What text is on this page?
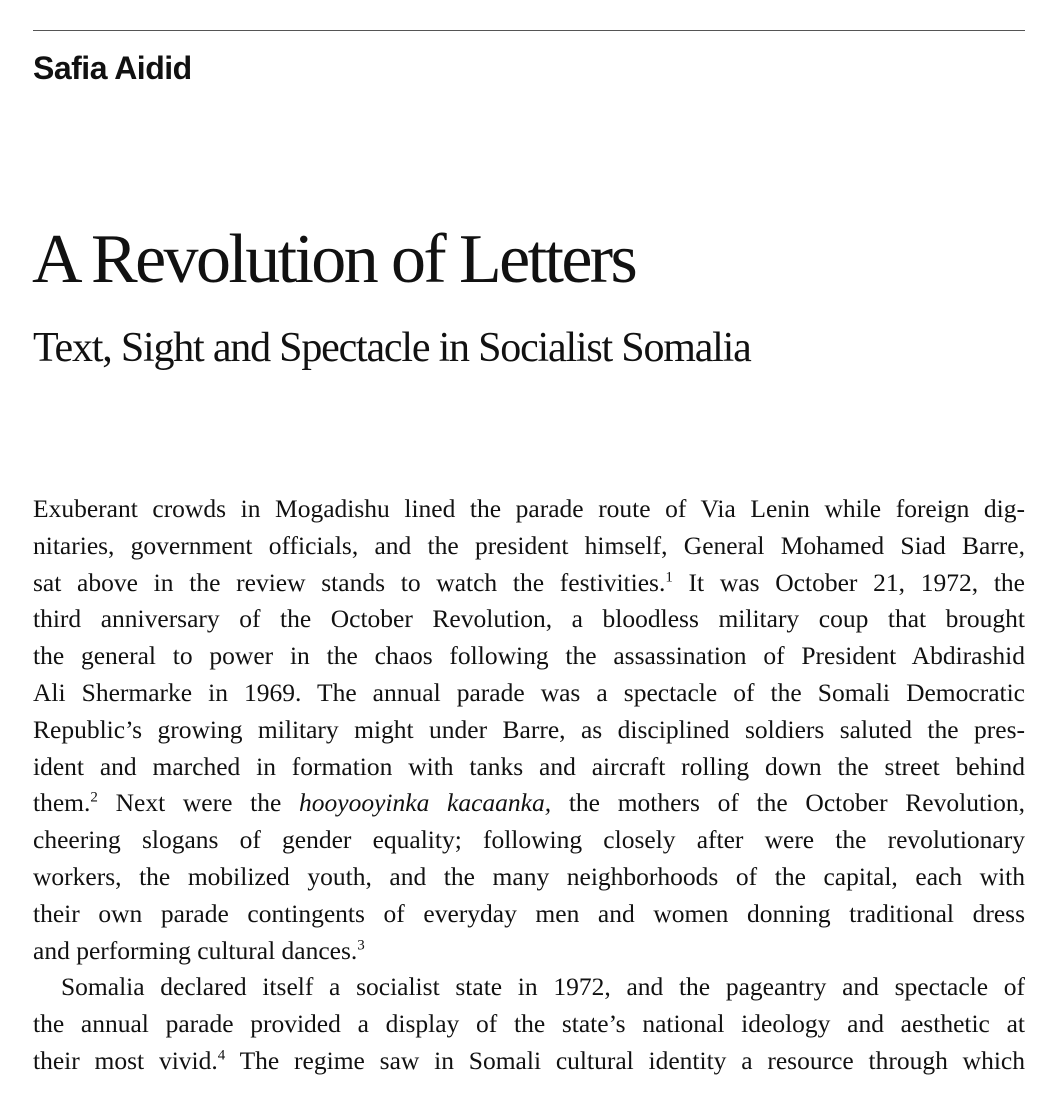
Safia Aidid
A Revolution of Letters
Text, Sight and Spectacle in Socialist Somalia
Exuberant crowds in Mogadishu lined the parade route of Via Lenin while foreign dig-
nitaries, government officials, and the president himself, General Mohamed Siad Barre,
sat above in the review stands to watch the festivities.$^1$ It was October 21, 1972, the
third anniversary of the October Revolution, a bloodless military coup that brought
the general to power in the chaos following the assassination of President Abdirashid
Ali Shermarke in 1969. The annual parade was a spectacle of the Somali Democratic
Republic’s growing military might under Barre, as disciplined soldiers saluted the pres-
ident and marched in formation with tanks and aircraft rolling down the street behind
them.$^2$ Next were the hooyooyinka kacaanka, the mothers of the October Revolution,
cheering slogans of gender equality; following closely after were the revolutionary
workers, the mobilized youth, and the many neighborhoods of the capital, each with
their own parade contingents of everyday men and women donning traditional dress
and performing cultural dances.$^3$
Somalia declared itself a socialist state in 1972, and the pageantry and spectacle of
the annual parade provided a display of the state’s national ideology and aesthetic at
their most vivid.$^4$ The regime saw in Somali cultural identity a resource through which
